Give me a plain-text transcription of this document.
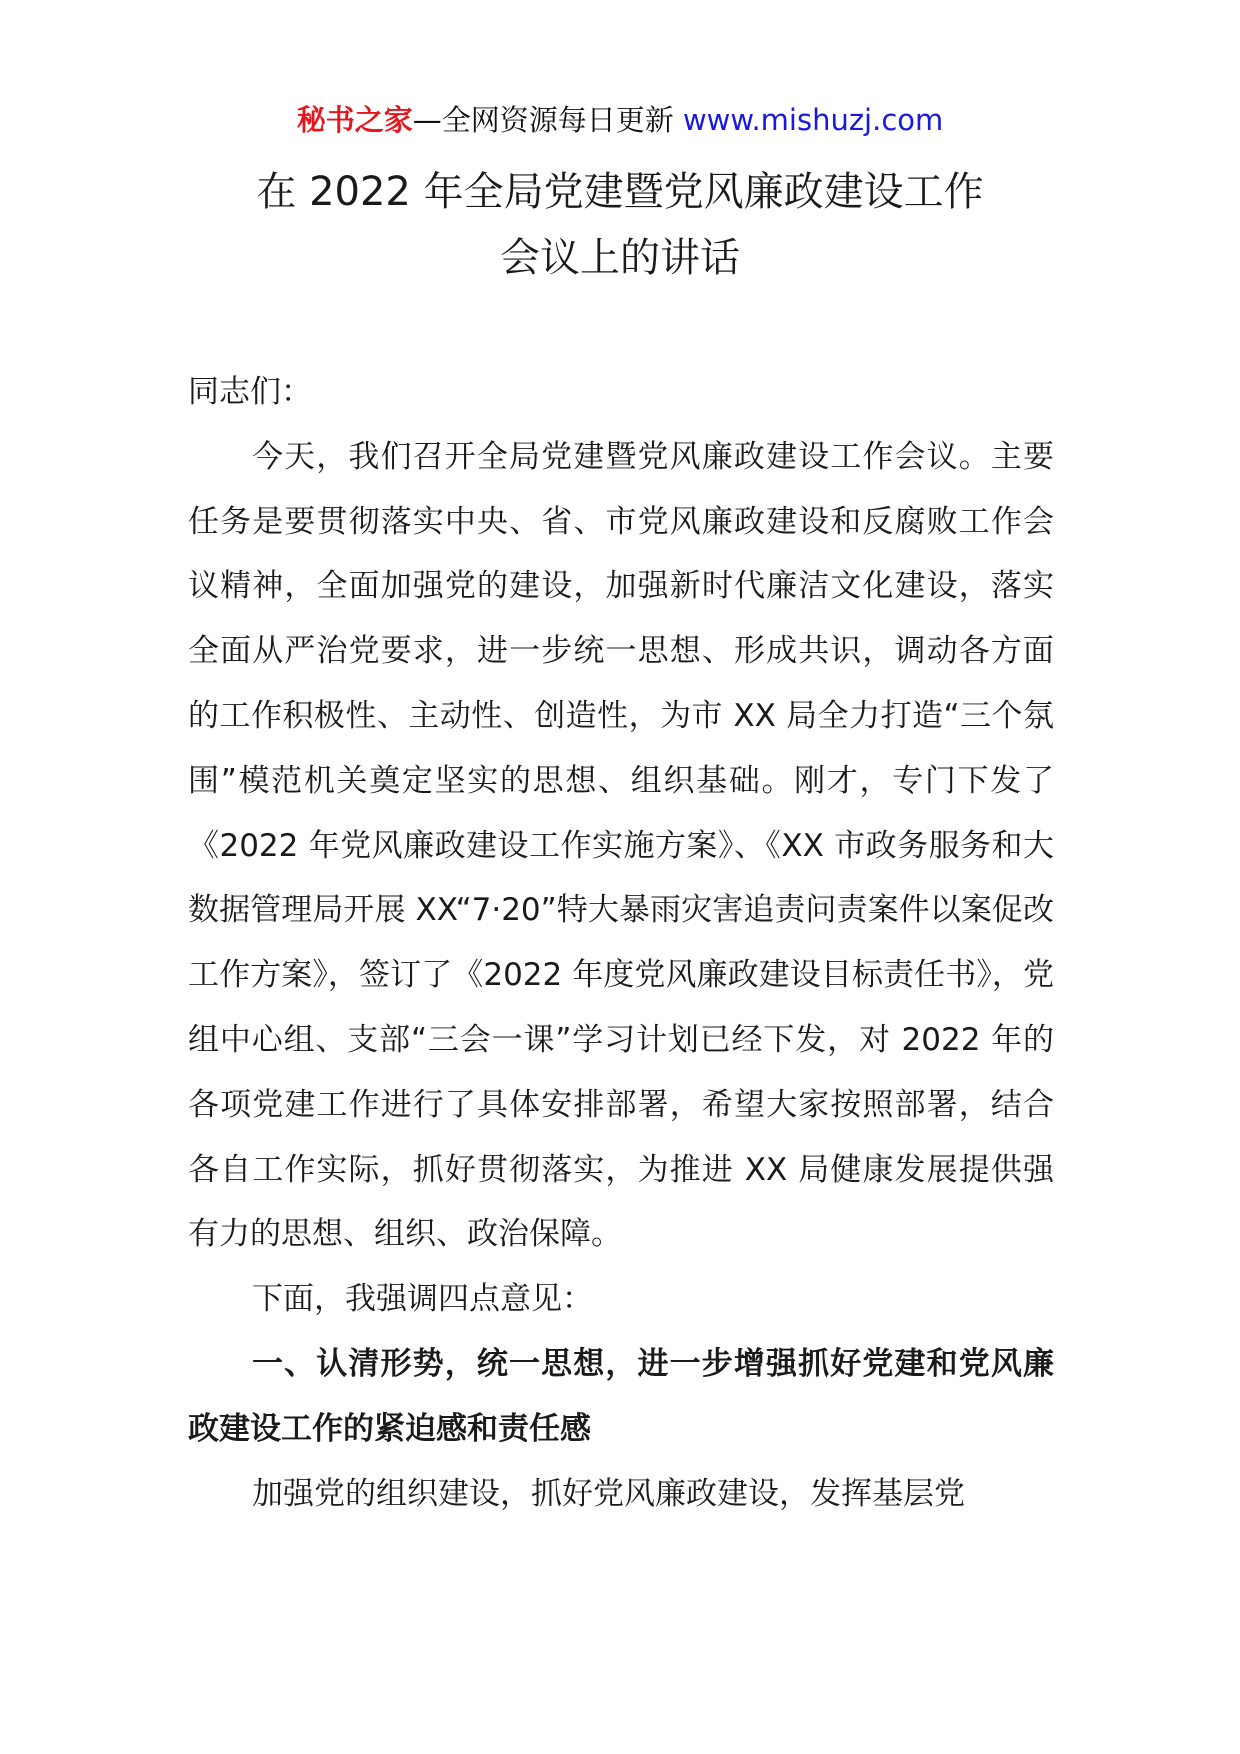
秘书之家—全网资源每日更新 www.mishuzj.com
在 2022 年全局党建暨党风廉政建设工作
会议上的讲话

同志们：

今天，我们召开全局党建暨党风廉政建设工作会议。主要任务是要贯彻落实中央、省、市党风廉政建设和反腐败工作会议精神，全面加强党的建设，加强新时代廉洁文化建设，落实全面从严治党要求，进一步统一思想、形成共识，调动各方面的工作积极性、主动性、创造性，为市 XX 局全力打造“三个氛围”模范机关奠定坚实的思想、组织基础。刚才，专门下发了《2022 年党风廉政建设工作实施方案》、《XX 市政务服务和大数据管理局开展 XX“7·20”特大暴雨灾害追责问责案件以案促改工作方案》，签订了《2022 年度党风廉政建设目标责任书》，党组中心组、支部“三会一课”学习计划已经下发，对 2022 年的各项党建工作进行了具体安排部署，希望大家按照部署，结合各自工作实际，抓好贯彻落实，为推进 XX 局健康发展提供强有力的思想、组织、政治保障。

下面，我强调四点意见：

一、认清形势，统一思想，进一步增强抓好党建和党风廉政建设工作的紧迫感和责任感

加强党的组织建设，抓好党风廉政建设，发挥基层党
